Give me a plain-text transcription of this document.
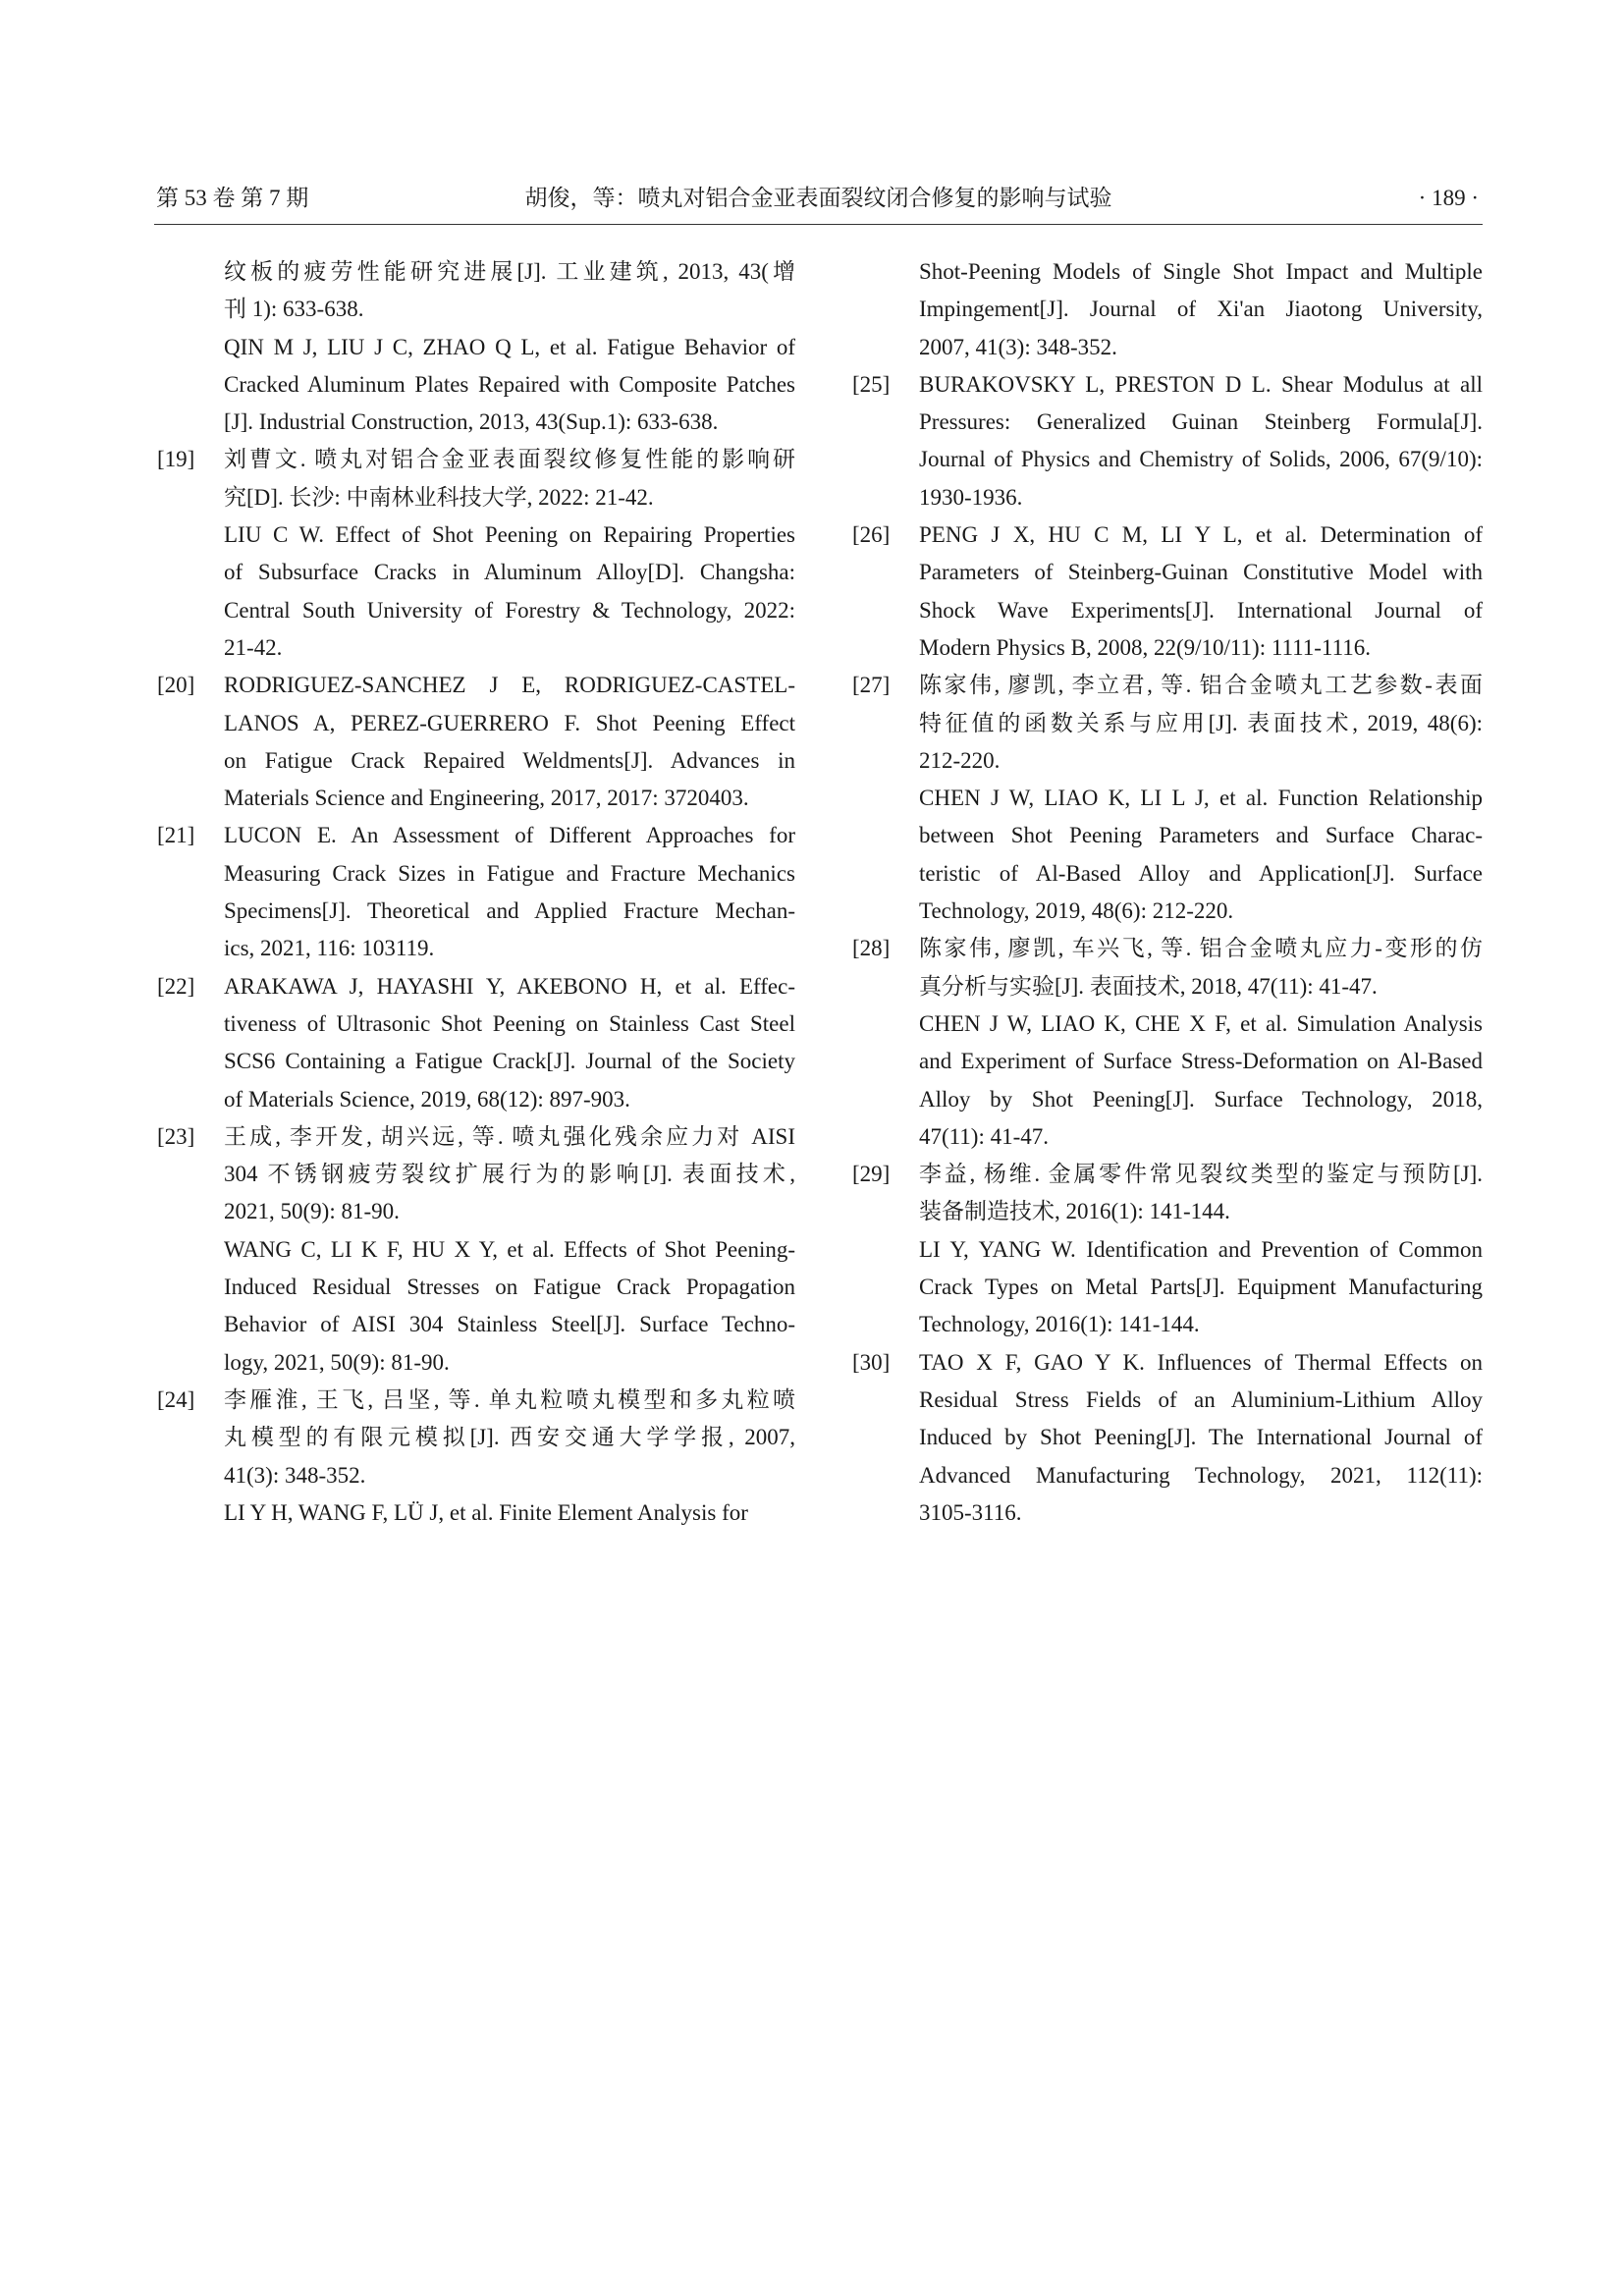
第 53 卷 第 7 期	胡俊，等：喷丸对铝合金亚表面裂纹闭合修复的影响与试验	· 189 ·
纹板的疲劳性能研究进展[J]. 工业建筑, 2013, 43(增
刊 1): 633-638.
QIN M J, LIU J C, ZHAO Q L, et al. Fatigue Behavior of
Cracked Aluminum Plates Repaired with Composite Patches
[J]. Industrial Construction, 2013, 43(Sup.1): 633-638.
[19] 刘曹文. 喷丸对铝合金亚表面裂纹修复性能的影响研
究[D]. 长沙: 中南林业科技大学, 2022: 21-42.
LIU C W. Effect of Shot Peening on Repairing Properties
of Subsurface Cracks in Aluminum Alloy[D]. Changsha:
Central South University of Forestry & Technology, 2022:
21-42.
[20] RODRIGUEZ-SANCHEZ J E, RODRIGUEZ-CASTEL-
LANOS A, PEREZ-GUERRERO F. Shot Peening Effect
on Fatigue Crack Repaired Weldments[J]. Advances in
Materials Science and Engineering, 2017, 2017: 3720403.
[21] LUCON E. An Assessment of Different Approaches for
Measuring Crack Sizes in Fatigue and Fracture Mechanics
Specimens[J]. Theoretical and Applied Fracture Mechan-
ics, 2021, 116: 103119.
[22] ARAKAWA J, HAYASHI Y, AKEBONO H, et al. Effec-
tiveness of Ultrasonic Shot Peening on Stainless Cast Steel
SCS6 Containing a Fatigue Crack[J]. Journal of the Society
of Materials Science, 2019, 68(12): 897-903.
[23] 王成, 李开发, 胡兴远, 等. 喷丸强化残余应力对 AISI
304 不锈钢疲劳裂纹扩展行为的影响[J]. 表面技术,
2021, 50(9): 81-90.
WANG C, LI K F, HU X Y, et al. Effects of Shot Peening-
Induced Residual Stresses on Fatigue Crack Propagation
Behavior of AISI 304 Stainless Steel[J]. Surface Techno-
logy, 2021, 50(9): 81-90.
[24] 李雁淮, 王飞, 吕坚, 等. 单丸粒喷丸模型和多丸粒喷
丸模型的有限元模拟[J]. 西安交通大学学报, 2007,
41(3): 348-352.
LI Y H, WANG F, LÜ J, et al. Finite Element Analysis for
Shot-Peening Models of Single Shot Impact and Multiple
Impingement[J]. Journal of Xi'an Jiaotong University,
2007, 41(3): 348-352.
[25] BURAKOVSKY L, PRESTON D L. Shear Modulus at all
Pressures: Generalized Guinan Steinberg Formula[J].
Journal of Physics and Chemistry of Solids, 2006, 67(9/10):
1930-1936.
[26] PENG J X, HU C M, LI Y L, et al. Determination of
Parameters of Steinberg-Guinan Constitutive Model with
Shock Wave Experiments[J]. International Journal of
Modern Physics B, 2008, 22(9/10/11): 1111-1116.
[27] 陈家伟, 廖凯, 李立君, 等. 铝合金喷丸工艺参数-表面
特征值的函数关系与应用[J]. 表面技术, 2019, 48(6):
212-220.
CHEN J W, LIAO K, LI L J, et al. Function Relationship
between Shot Peening Parameters and Surface Charac-
teristic of Al-Based Alloy and Application[J]. Surface
Technology, 2019, 48(6): 212-220.
[28] 陈家伟, 廖凯, 车兴飞, 等. 铝合金喷丸应力-变形的仿
真分析与实验[J]. 表面技术, 2018, 47(11): 41-47.
CHEN J W, LIAO K, CHE X F, et al. Simulation Analysis
and Experiment of Surface Stress-Deformation on Al-Based
Alloy by Shot Peening[J]. Surface Technology, 2018,
47(11): 41-47.
[29] 李益, 杨维. 金属零件常见裂纹类型的鉴定与预防[J].
装备制造技术, 2016(1): 141-144.
LI Y, YANG W. Identification and Prevention of Common
Crack Types on Metal Parts[J]. Equipment Manufacturing
Technology, 2016(1): 141-144.
[30] TAO X F, GAO Y K. Influences of Thermal Effects on
Residual Stress Fields of an Aluminium-Lithium Alloy
Induced by Shot Peening[J]. The International Journal of
Advanced Manufacturing Technology, 2021, 112(11):
3105-3116.
